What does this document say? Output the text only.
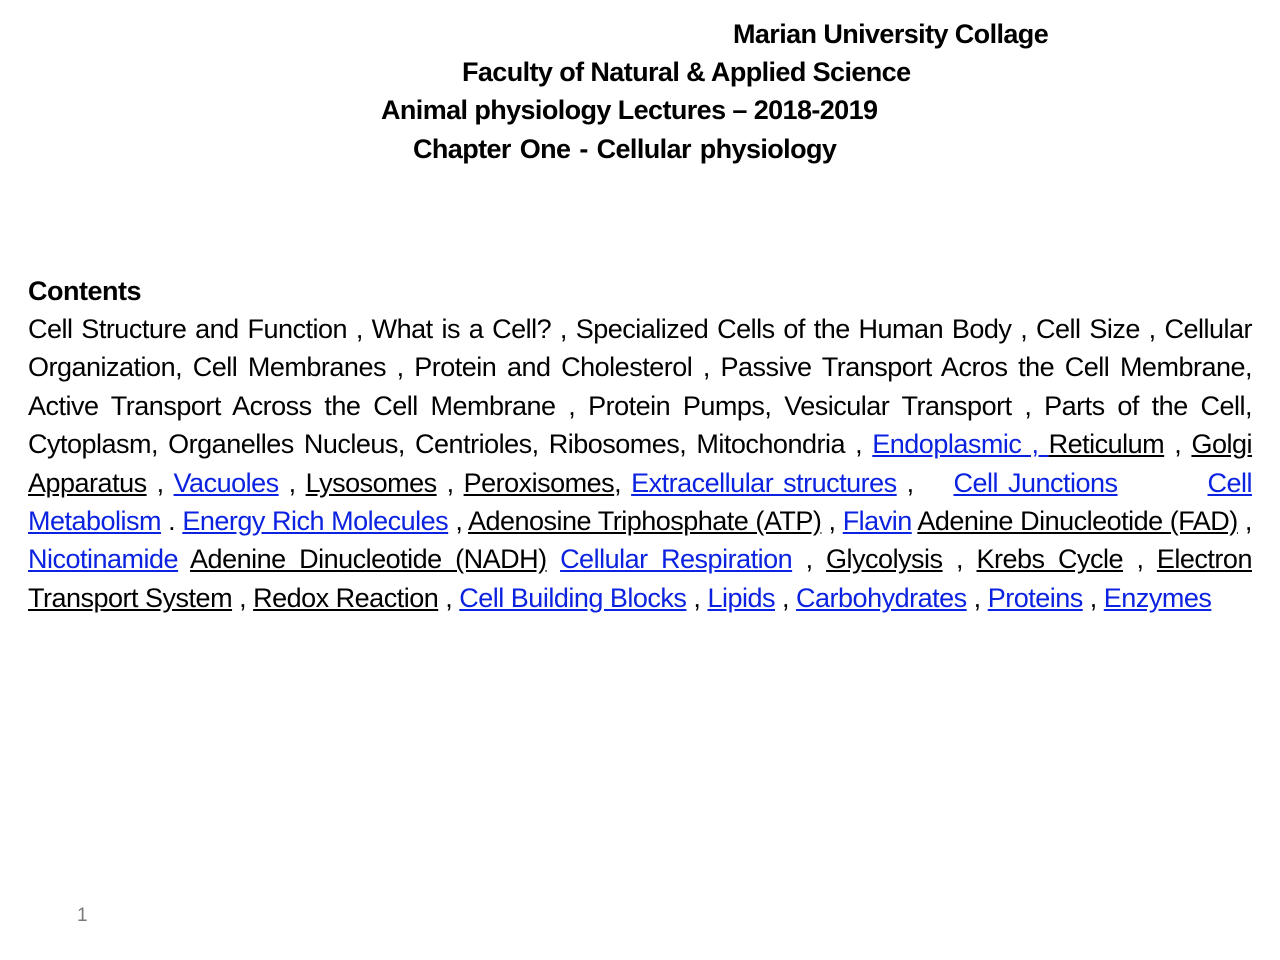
Marian University Collage
Faculty of Natural & Applied Science
Animal physiology Lectures – 2018-2019
Chapter One - Cellular physiology
Contents
Cell Structure and Function , What is a Cell? , Specialized Cells of the Human Body , Cell Size , Cellular Organization, Cell Membranes , Protein and Cholesterol , Passive Transport Acros the Cell Membrane, Active Transport Across the Cell Membrane , Protein Pumps, Vesicular Transport , Parts of the Cell, Cytoplasm, Organelles Nucleus, Centrioles, Ribosomes, Mitochondria , Endoplasmic , Reticulum , Golgi Apparatus , Vacuoles , Lysosomes , Peroxisomes, Extracellular structures , Cell Junctions	Cell Metabolism . Energy Rich Molecules , Adenosine Triphosphate (ATP) , Flavin Adenine Dinucleotide (FAD) , Nicotinamide Adenine Dinucleotide (NADH) Cellular Respiration , Glycolysis , Krebs Cycle , Electron Transport System , Redox Reaction , Cell Building Blocks , Lipids , Carbohydrates , Proteins , Enzymes
1
